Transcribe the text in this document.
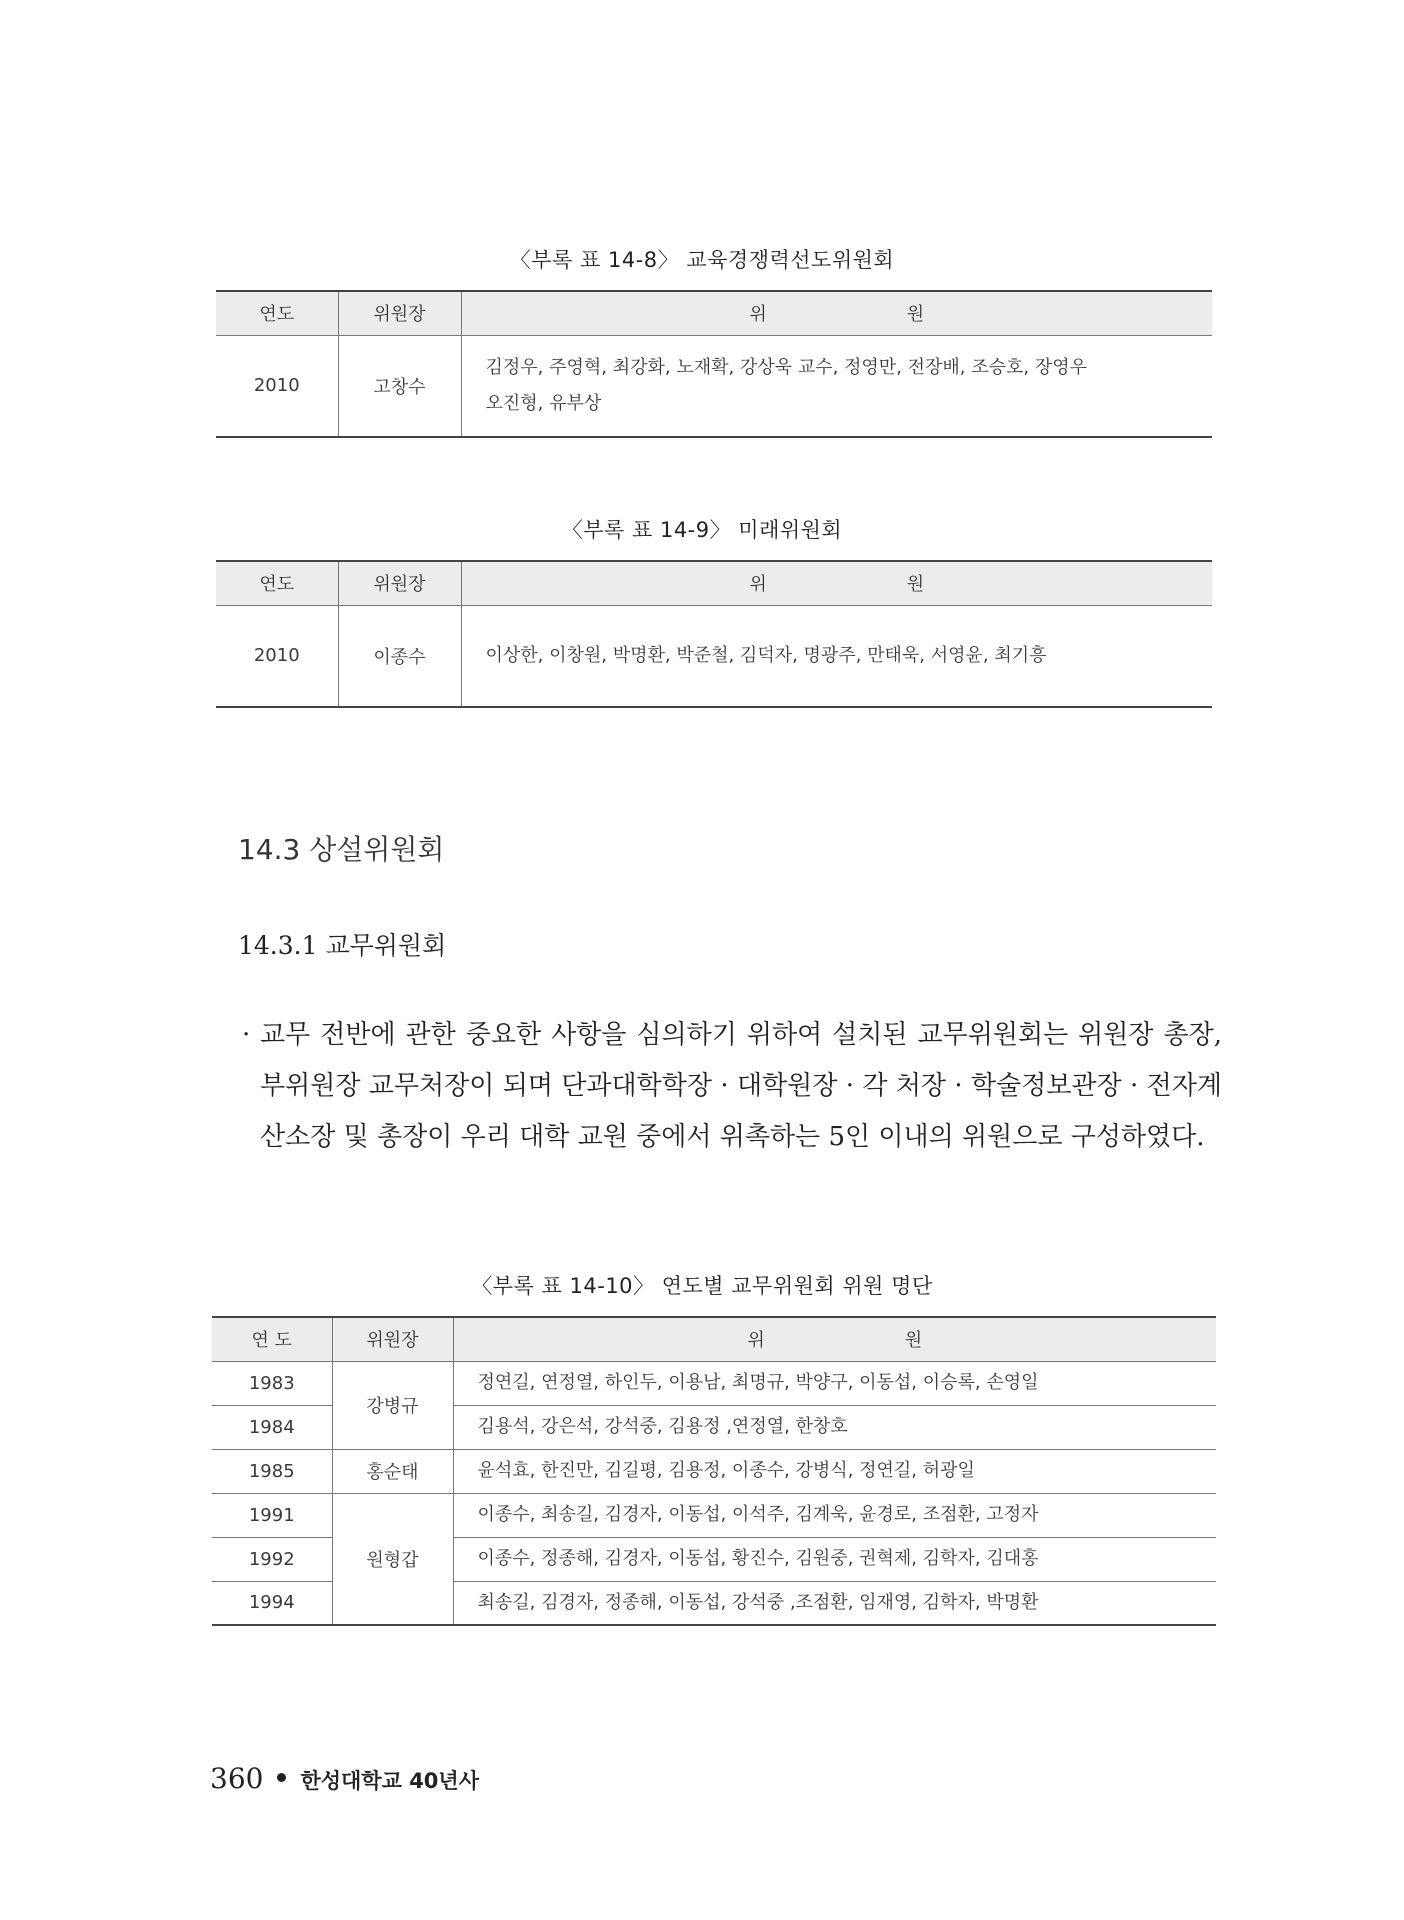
〈부록 표 14-8〉 교육경쟁력선도위원회
연도	위원장	위 원
2010	고창수	김정우, 주영혁, 최강화, 노재확, 강상욱 교수, 정영만, 전장배, 조승호, 장영우
오진형, 유부상
〈부록 표 14-9〉 미래위원회
연도	위원장	위 원
2010	이종수	이상한, 이창원, 박명환, 박준철, 김덕자, 명광주, 만태욱, 서영윤, 최기흥
14.3 상설위원회
14.3.1 교무위원회
· 교무 전반에 관한 중요한 사항을 심의하기 위하여 설치된 교무위원회는 위원장 총장, 부위원장 교무처장이 되며 단과대학학장 · 대학원장 · 각 처장 · 학술정보관장 · 전자계산소장 및 총장이 우리 대학 교원 중에서 위촉하는 5인 이내의 위원으로 구성하였다.
〈부록 표 14-10〉 연도별 교무위원회 위원 명단
연 도	위원장	위 원
1983	강병규	정연길, 연정열, 하인두, 이용남, 최명규, 박양구, 이동섭, 이승록, 손영일
1984		김용석, 강은석, 강석중, 김용정 ,연정열, 한창호
1985	홍순태	윤석효, 한진만, 김길평, 김용정, 이종수, 강병식, 정연길, 허광일
1991	원형갑	이종수, 최송길, 김경자, 이동섭, 이석주, 김계욱, 윤경로, 조점환, 고정자
1992		이종수, 정종해, 김경자, 이동섭, 황진수, 김원중, 권혁제, 김학자, 김대홍
1994		최송길, 김경자, 정종해, 이동섭, 강석중 ,조점환, 임재영, 김학자, 박명환
360 한성대학교 40년사
